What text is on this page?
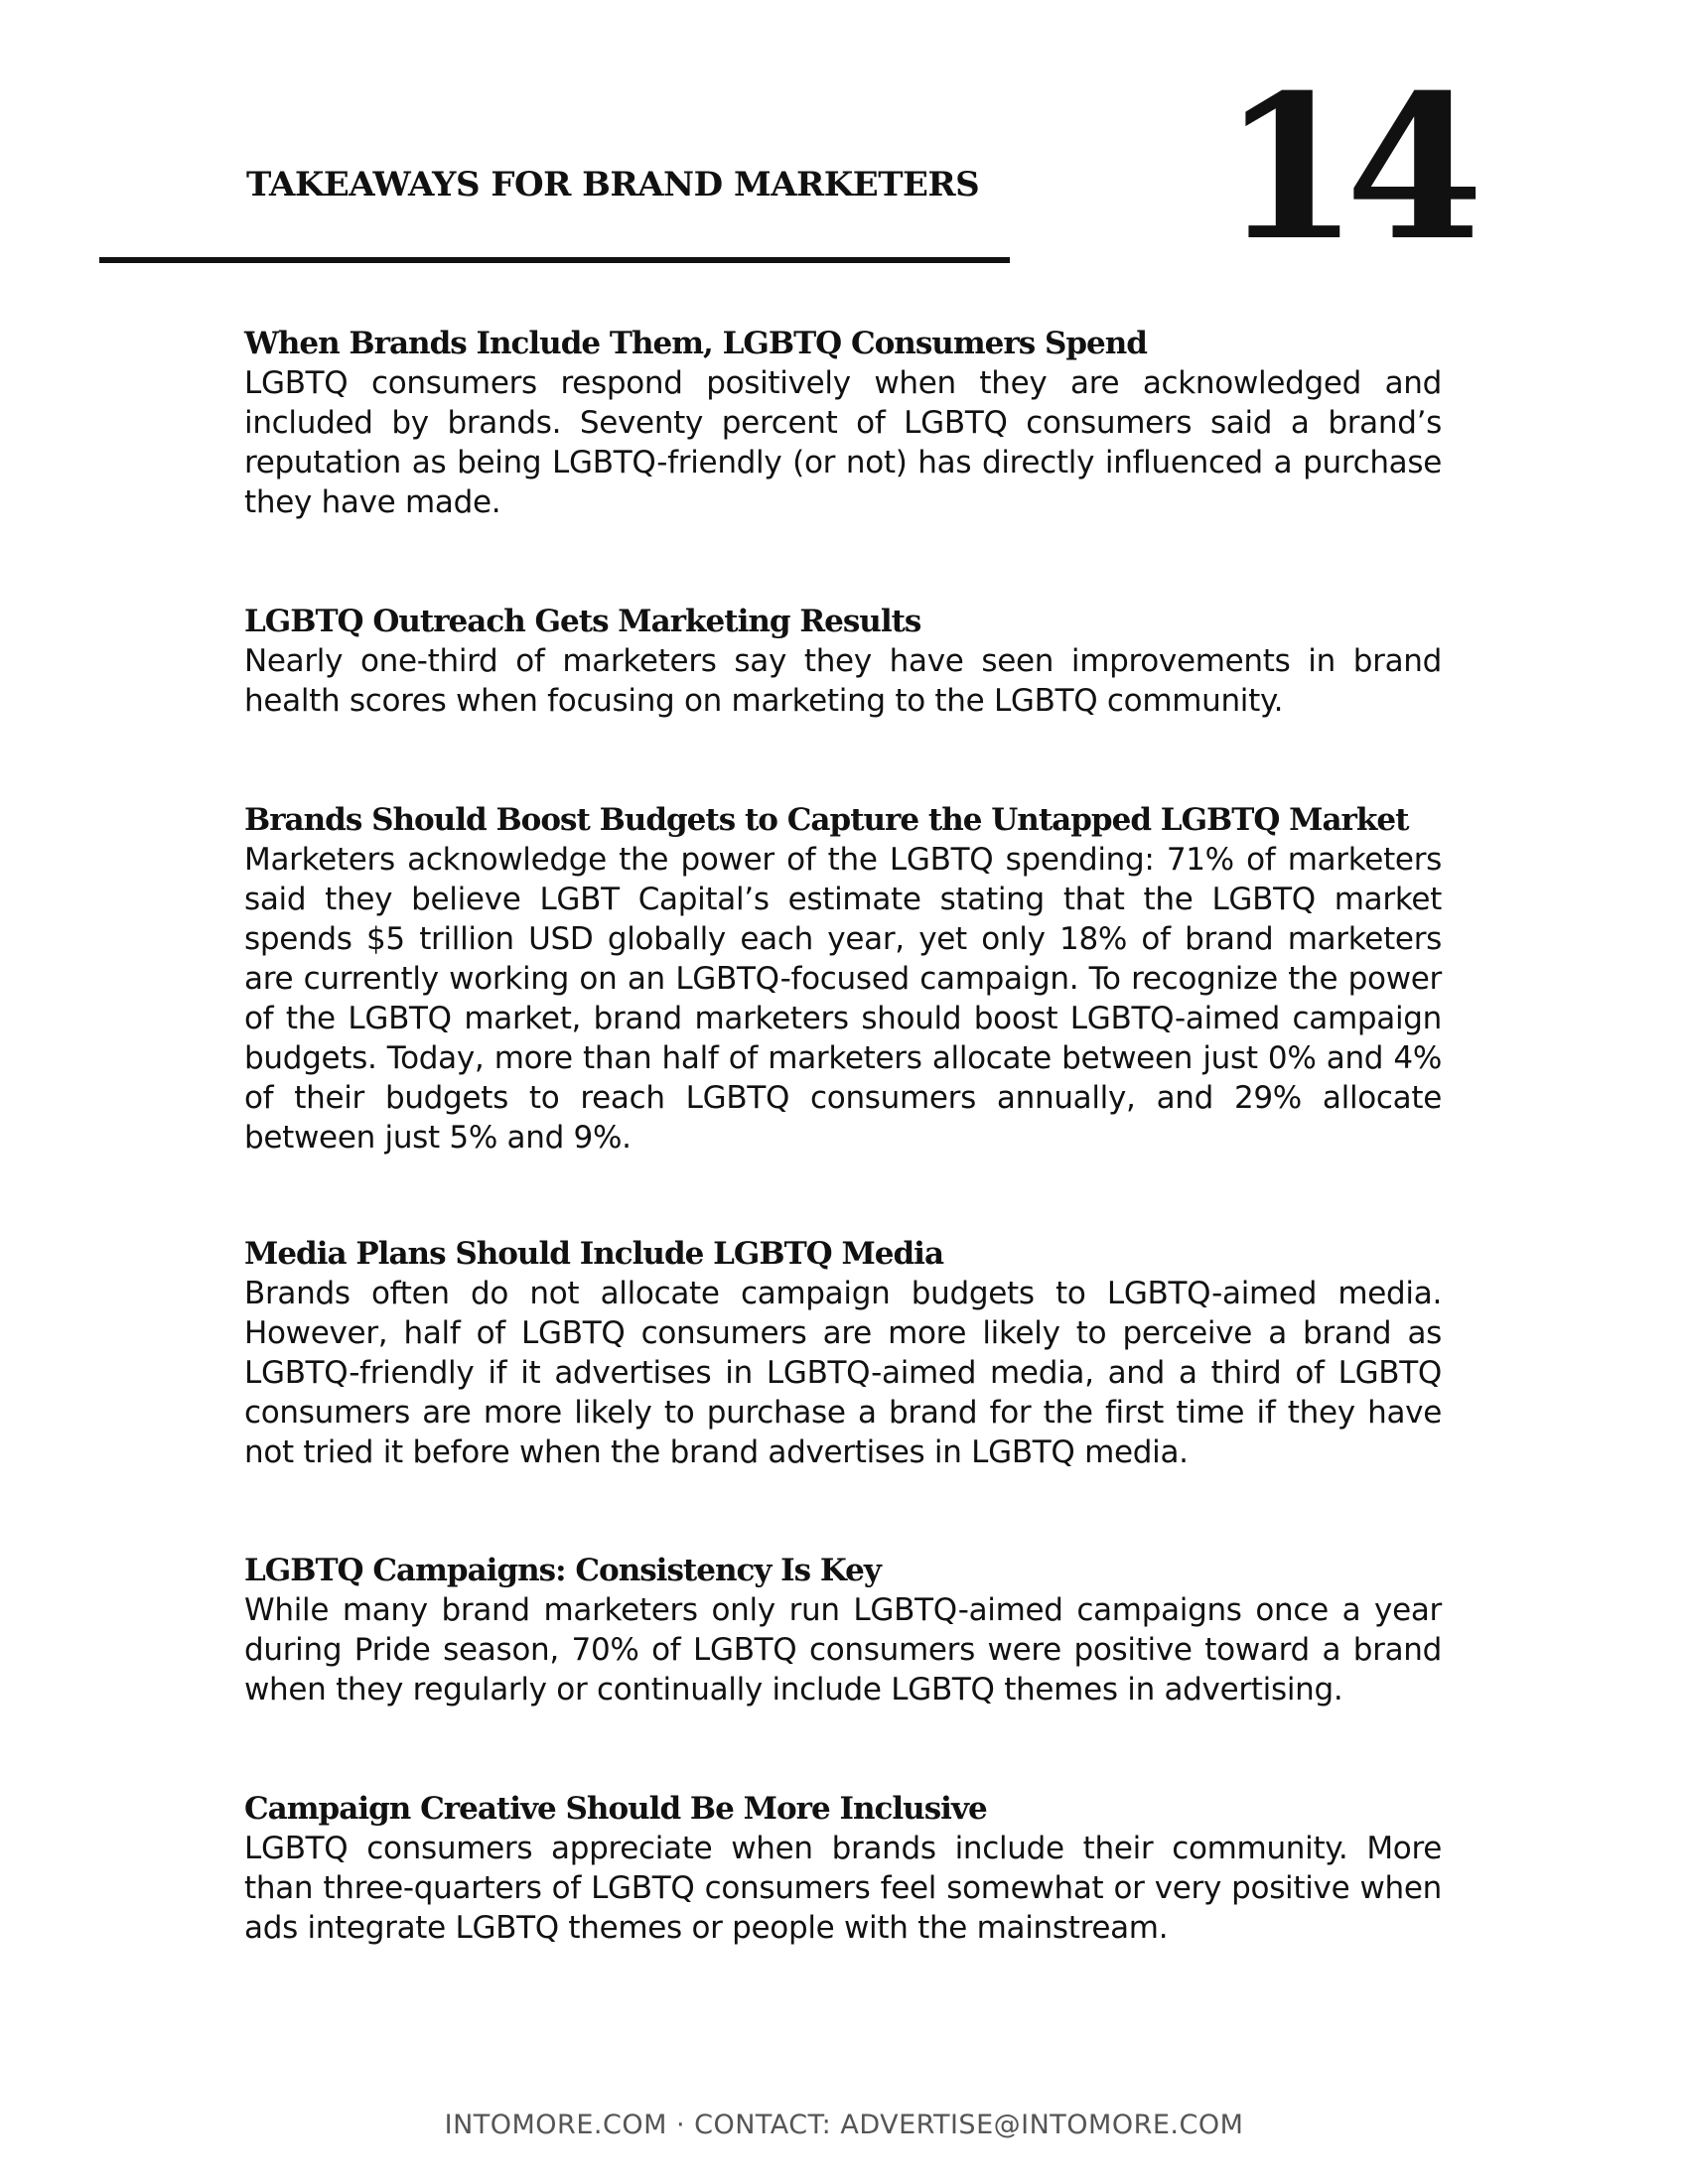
TAKEAWAYS FOR BRAND MARKETERS 14
When Brands Include Them, LGBTQ Consumers Spend
LGBTQ consumers respond positively when they are acknowledged and included by brands. Seventy percent of LGBTQ consumers said a brand’s reputation as being LGBTQ-friendly (or not) has directly influenced a purchase they have made.
LGBTQ Outreach Gets Marketing Results
Nearly one-third of marketers say they have seen improvements in brand health scores when focusing on marketing to the LGBTQ community.
Brands Should Boost Budgets to Capture the Untapped LGBTQ Market
Marketers acknowledge the power of the LGBTQ spending: 71% of marketers said they believe LGBT Capital’s estimate stating that the LGBTQ market spends $5 trillion USD globally each year, yet only 18% of brand marketers are currently working on an LGBTQ-focused campaign. To recognize the power of the LGBTQ market, brand marketers should boost LGBTQ-aimed campaign budgets. Today, more than half of marketers allocate between just 0% and 4% of their budgets to reach LGBTQ consumers annually, and 29% allocate between just 5% and 9%.
Media Plans Should Include LGBTQ Media
Brands often do not allocate campaign budgets to LGBTQ-aimed media. However, half of LGBTQ consumers are more likely to perceive a brand as LGBTQ-friendly if it advertises in LGBTQ-aimed media, and a third of LGBTQ consumers are more likely to purchase a brand for the first time if they have not tried it before when the brand advertises in LGBTQ media.
LGBTQ Campaigns: Consistency Is Key
While many brand marketers only run LGBTQ-aimed campaigns once a year during Pride season, 70% of LGBTQ consumers were positive toward a brand when they regularly or continually include LGBTQ themes in advertising.
Campaign Creative Should Be More Inclusive
LGBTQ consumers appreciate when brands include their community. More than three-quarters of LGBTQ consumers feel somewhat or very positive when ads integrate LGBTQ themes or people with the mainstream.
INTOMORE.COM · CONTACT: ADVERTISE@INTOMORE.COM
